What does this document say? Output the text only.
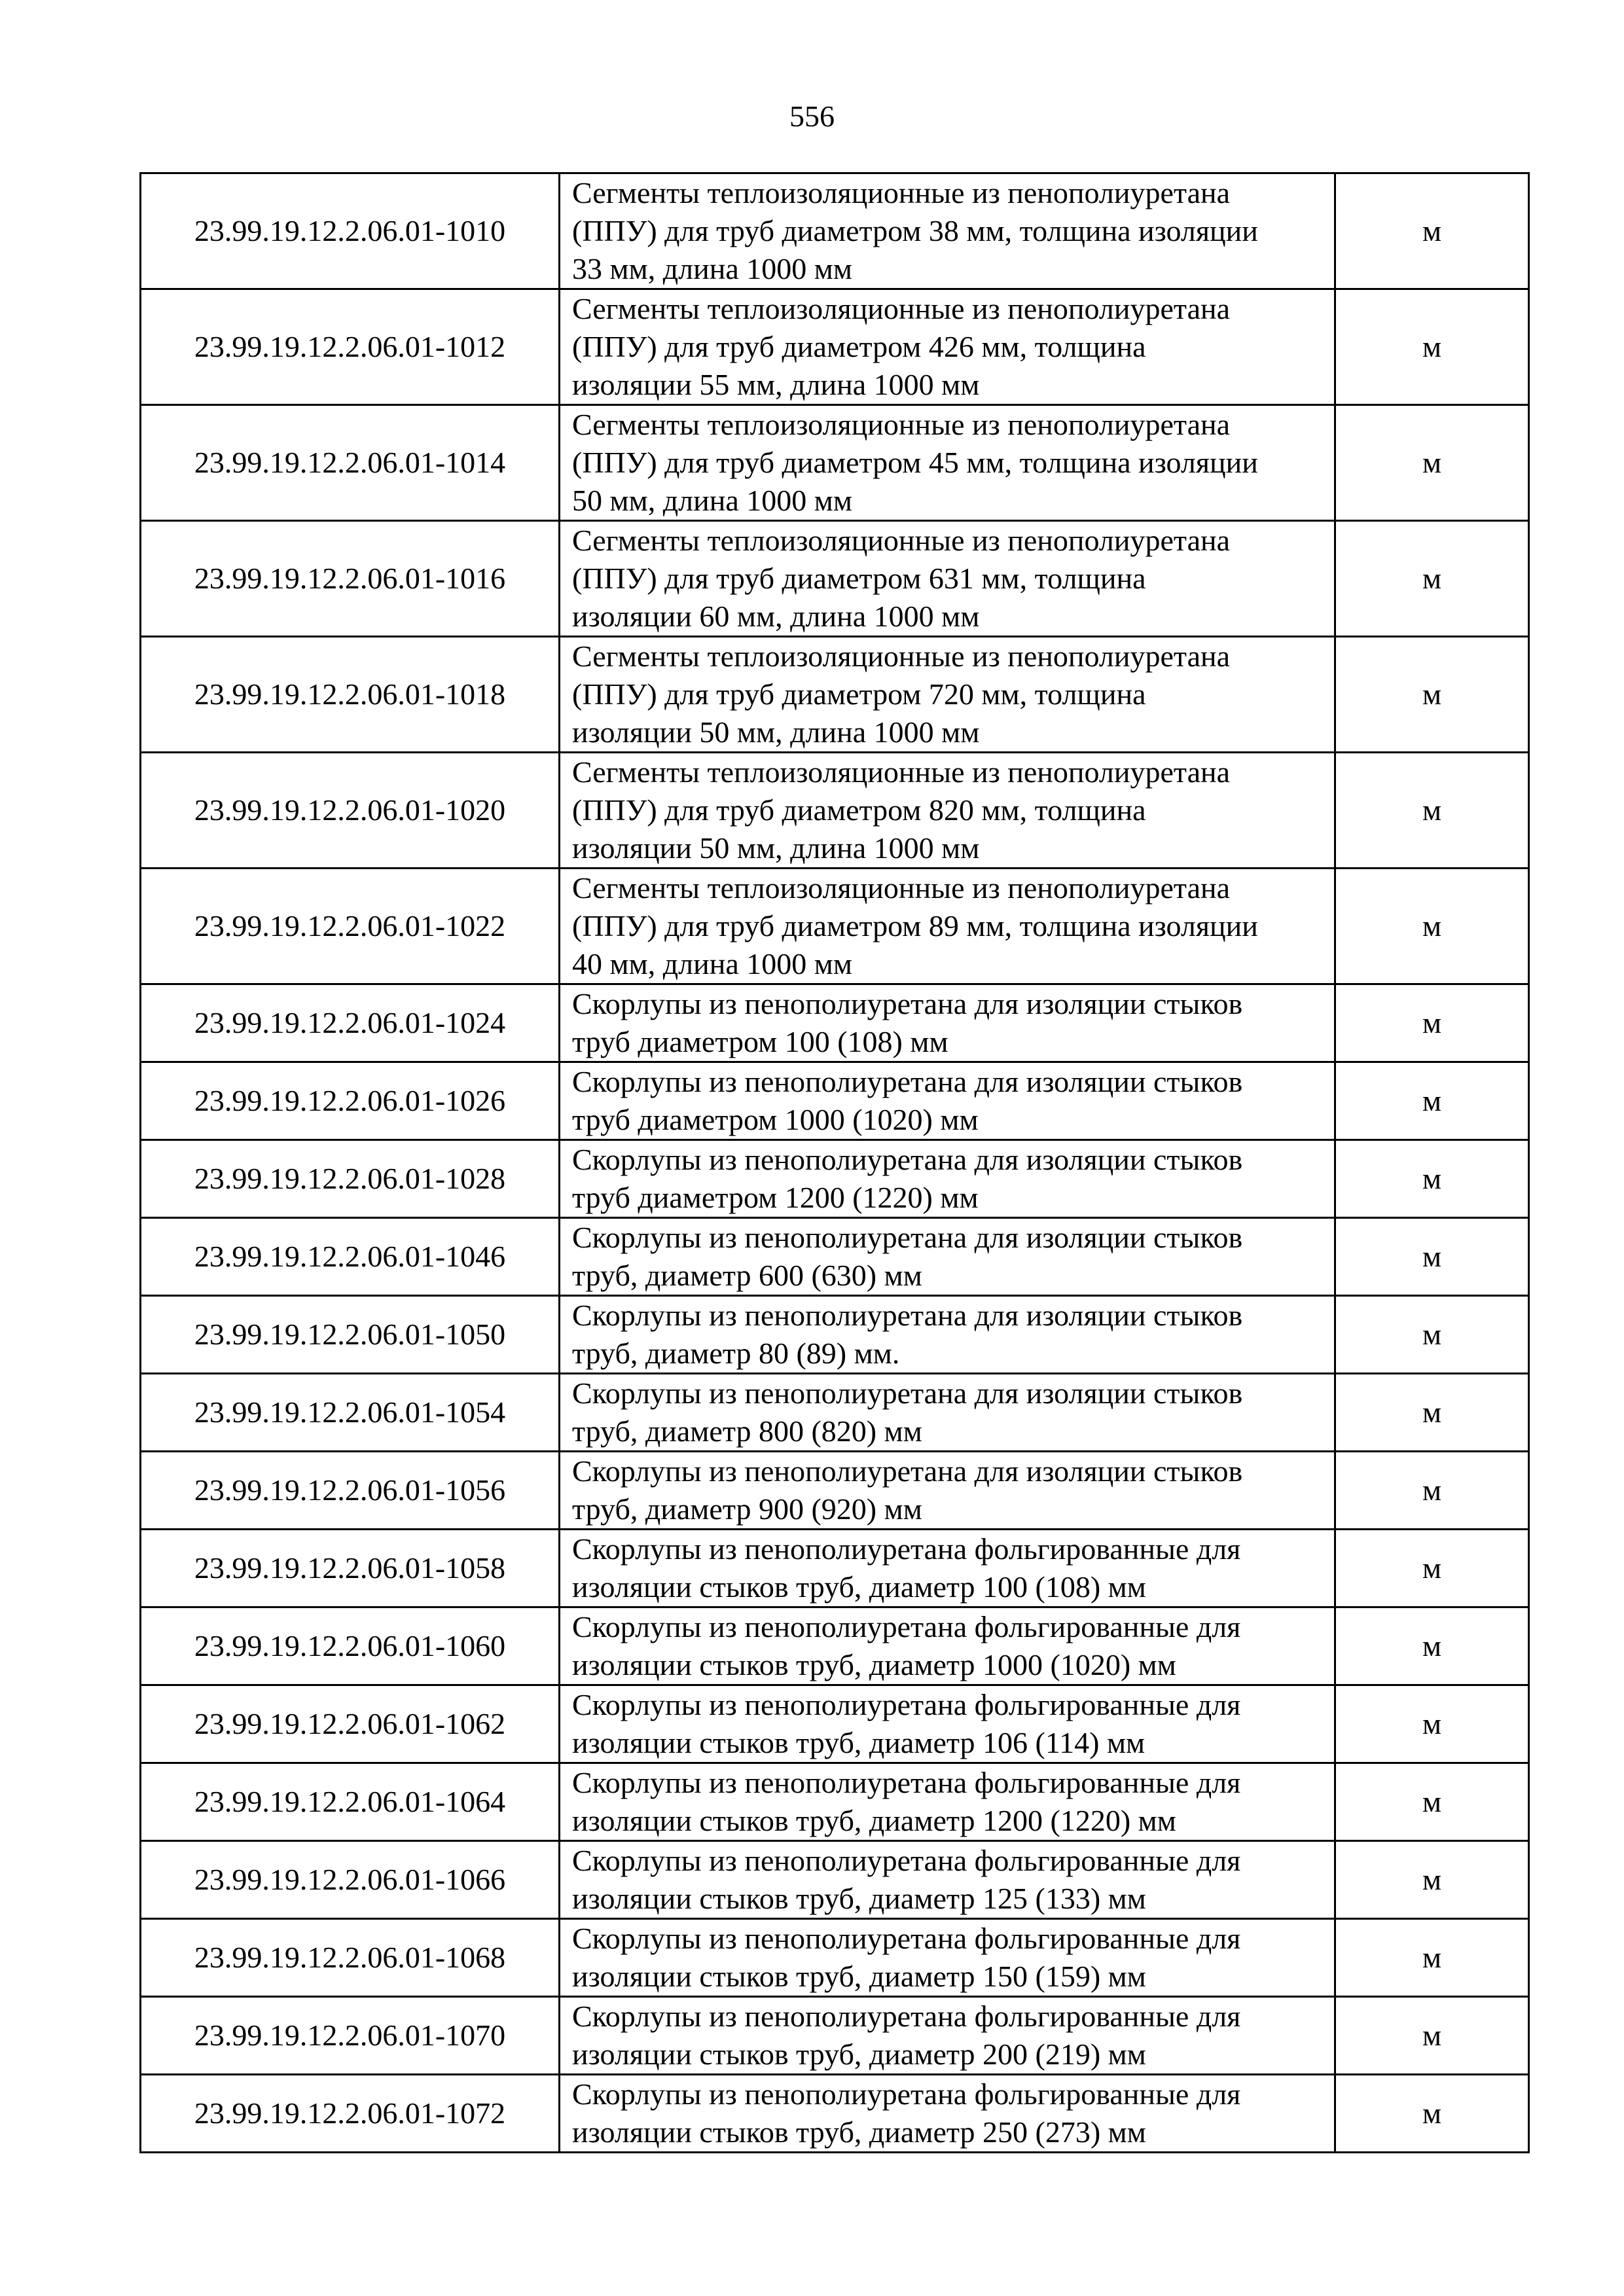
556
23.99.19.12.2.06.01-1010	Сегменты теплоизоляционные из пенополиуретана
(ППУ) для труб диаметром 38 мм, толщина изоляции
33 мм, длина 1000 мм	м
23.99.19.12.2.06.01-1012	Сегменты теплоизоляционные из пенополиуретана
(ППУ) для труб диаметром 426 мм, толщина
изоляции 55 мм, длина 1000 мм	м
23.99.19.12.2.06.01-1014	Сегменты теплоизоляционные из пенополиуретана
(ППУ) для труб диаметром 45 мм, толщина изоляции
50 мм, длина 1000 мм	м
23.99.19.12.2.06.01-1016	Сегменты теплоизоляционные из пенополиуретана
(ППУ) для труб диаметром 631 мм, толщина
изоляции 60 мм, длина 1000 мм	м
23.99.19.12.2.06.01-1018	Сегменты теплоизоляционные из пенополиуретана
(ППУ) для труб диаметром 720 мм, толщина
изоляции 50 мм, длина 1000 мм	м
23.99.19.12.2.06.01-1020	Сегменты теплоизоляционные из пенополиуретана
(ППУ) для труб диаметром 820 мм, толщина
изоляции 50 мм, длина 1000 мм	м
23.99.19.12.2.06.01-1022	Сегменты теплоизоляционные из пенополиуретана
(ППУ) для труб диаметром 89 мм, толщина изоляции
40 мм, длина 1000 мм	м
23.99.19.12.2.06.01-1024	Скорлупы из пенополиуретана для изоляции стыков
труб диаметром 100 (108) мм	м
23.99.19.12.2.06.01-1026	Скорлупы из пенополиуретана для изоляции стыков
труб диаметром 1000 (1020) мм	м
23.99.19.12.2.06.01-1028	Скорлупы из пенополиуретана для изоляции стыков
труб диаметром 1200 (1220) мм	м
23.99.19.12.2.06.01-1046	Скорлупы из пенополиуретана для изоляции стыков
труб, диаметр 600 (630) мм	м
23.99.19.12.2.06.01-1050	Скорлупы из пенополиуретана для изоляции стыков
труб, диаметр 80 (89) мм.	м
23.99.19.12.2.06.01-1054	Скорлупы из пенополиуретана для изоляции стыков
труб, диаметр 800 (820) мм	м
23.99.19.12.2.06.01-1056	Скорлупы из пенополиуретана для изоляции стыков
труб, диаметр 900 (920) мм	м
23.99.19.12.2.06.01-1058	Скорлупы из пенополиуретана фольгированные для
изоляции стыков труб, диаметр 100 (108) мм	м
23.99.19.12.2.06.01-1060	Скорлупы из пенополиуретана фольгированные для
изоляции стыков труб, диаметр 1000 (1020) мм	м
23.99.19.12.2.06.01-1062	Скорлупы из пенополиуретана фольгированные для
изоляции стыков труб, диаметр 106 (114) мм	м
23.99.19.12.2.06.01-1064	Скорлупы из пенополиуретана фольгированные для
изоляции стыков труб, диаметр 1200 (1220) мм	м
23.99.19.12.2.06.01-1066	Скорлупы из пенополиуретана фольгированные для
изоляции стыков труб, диаметр 125 (133) мм	м
23.99.19.12.2.06.01-1068	Скорлупы из пенополиуретана фольгированные для
изоляции стыков труб, диаметр 150 (159) мм	м
23.99.19.12.2.06.01-1070	Скорлупы из пенополиуретана фольгированные для
изоляции стыков труб, диаметр 200 (219) мм	м
23.99.19.12.2.06.01-1072	Скорлупы из пенополиуретана фольгированные для
изоляции стыков труб, диаметр 250 (273) мм	м
